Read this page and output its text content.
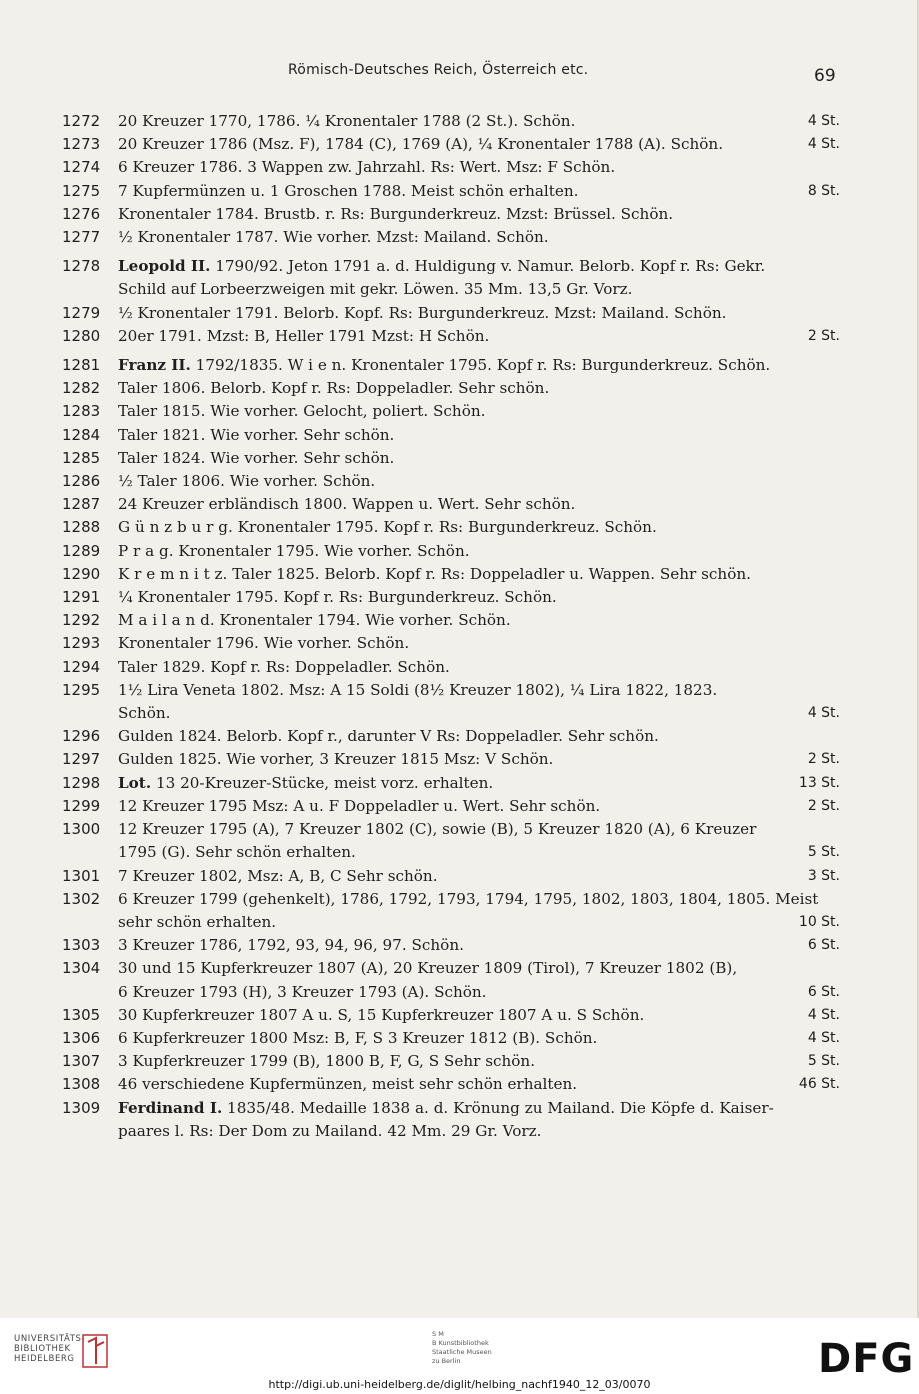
Römisch-Deutsches Reich, Österreich etc.	69
1272 20 Kreuzer 1770, 1786. ¼ Kronentaler 1788 (2 St.). Schön.	4 St.
1273 20 Kreuzer 1786 (Msz. F), 1784 (C), 1769 (A), ¼ Kronentaler 1788 (A). Schön.	4 St.
1274 6 Kreuzer 1786. 3 Wappen zw. Jahrzahl. Rs: Wert. Msz: F Schön.
1275 7 Kupfermünzen u. 1 Groschen 1788. Meist schön erhalten.	8 St.
1276 Kronentaler 1784. Brustb. r. Rs: Burgunderkreuz. Mzst: Brüssel. Schön.
1277 ½ Kronentaler 1787. Wie vorher. Mzst: Mailand. Schön.
1278 Leopold II. 1790/92. Jeton 1791 a. d. Huldigung v. Namur. Belorb. Kopf r. Rs: Gekr.
Schild auf Lorbeerzweigen mit gekr. Löwen. 35 Mm. 13,5 Gr. Vorz.
1279 ½ Kronentaler 1791. Belorb. Kopf. Rs: Burgunderkreuz. Mzst: Mailand. Schön.
1280 20er 1791. Mzst: B, Heller 1791 Mzst: H Schön.	2 St.
1281 Franz II. 1792/1835. W i e n. Kronentaler 1795. Kopf r. Rs: Burgunderkreuz. Schön.
1282 Taler 1806. Belorb. Kopf r. Rs: Doppeladler. Sehr schön.
1283 Taler 1815. Wie vorher. Gelocht, poliert. Schön.
1284 Taler 1821. Wie vorher. Sehr schön.
1285 Taler 1824. Wie vorher. Sehr schön.
1286 ½ Taler 1806. Wie vorher. Schön.
1287 24 Kreuzer erbländisch 1800. Wappen u. Wert. Sehr schön.
1288 G ü n z b u r g. Kronentaler 1795. Kopf r. Rs: Burgunderkreuz. Schön.
1289 P r a g. Kronentaler 1795. Wie vorher. Schön.
1290 K r e m n i t z. Taler 1825. Belorb. Kopf r. Rs: Doppeladler u. Wappen. Sehr schön.
1291 ¼ Kronentaler 1795. Kopf r. Rs: Burgunderkreuz. Schön.
1292 M a i l a n d. Kronentaler 1794. Wie vorher. Schön.
1293 Kronentaler 1796. Wie vorher. Schön.
1294 Taler 1829. Kopf r. Rs: Doppeladler. Schön.
1295 1½ Lira Veneta 1802. Msz: A 15 Soldi (8½ Kreuzer 1802), ¼ Lira 1822, 1823.
Schön.	4 St.
1296 Gulden 1824. Belorb. Kopf r., darunter V Rs: Doppeladler. Sehr schön.
1297 Gulden 1825. Wie vorher, 3 Kreuzer 1815 Msz: V Schön.	2 St.
1298 Lot. 13 20-Kreuzer-Stücke, meist vorz. erhalten.	13 St.
1299 12 Kreuzer 1795 Msz: A u. F Doppeladler u. Wert. Sehr schön.	2 St.
1300 12 Kreuzer 1795 (A), 7 Kreuzer 1802 (C), sowie (B), 5 Kreuzer 1820 (A), 6 Kreuzer
1795 (G). Sehr schön erhalten.	5 St.
1301 7 Kreuzer 1802, Msz: A, B, C Sehr schön.	3 St.
1302 6 Kreuzer 1799 (gehenkelt), 1786, 1792, 1793, 1794, 1795, 1802, 1803, 1804, 1805. Meist
sehr schön erhalten.	10 St.
1303 3 Kreuzer 1786, 1792, 93, 94, 96, 97. Schön.	6 St.
1304 30 und 15 Kupferkreuzer 1807 (A), 20 Kreuzer 1809 (Tirol), 7 Kreuzer 1802 (B),
6 Kreuzer 1793 (H), 3 Kreuzer 1793 (A). Schön.	6 St.
1305 30 Kupferkreuzer 1807 A u. S, 15 Kupferkreuzer 1807 A u. S Schön.	4 St.
1306 6 Kupferkreuzer 1800 Msz: B, F, S 3 Kreuzer 1812 (B). Schön.	4 St.
1307 3 Kupferkreuzer 1799 (B), 1800 B, F, G, S Sehr schön.	5 St.
1308 46 verschiedene Kupfermünzen, meist sehr schön erhalten.	46 St.
1309 Ferdinand I. 1835/48. Medaille 1838 a. d. Krönung zu Mailand. Die Köpfe d. Kaiser-
paares l. Rs: Der Dom zu Mailand. 42 Mm. 29 Gr. Vorz.
UNIVERSITÄTS-
BIBLIOTHEK
HEIDELBERG
S M
B Kunstbibliothek
Staatliche Museen
zu Berlin	DFG
http://digi.ub.uni-heidelberg.de/diglit/helbing_nachf1940_12_03/0070
